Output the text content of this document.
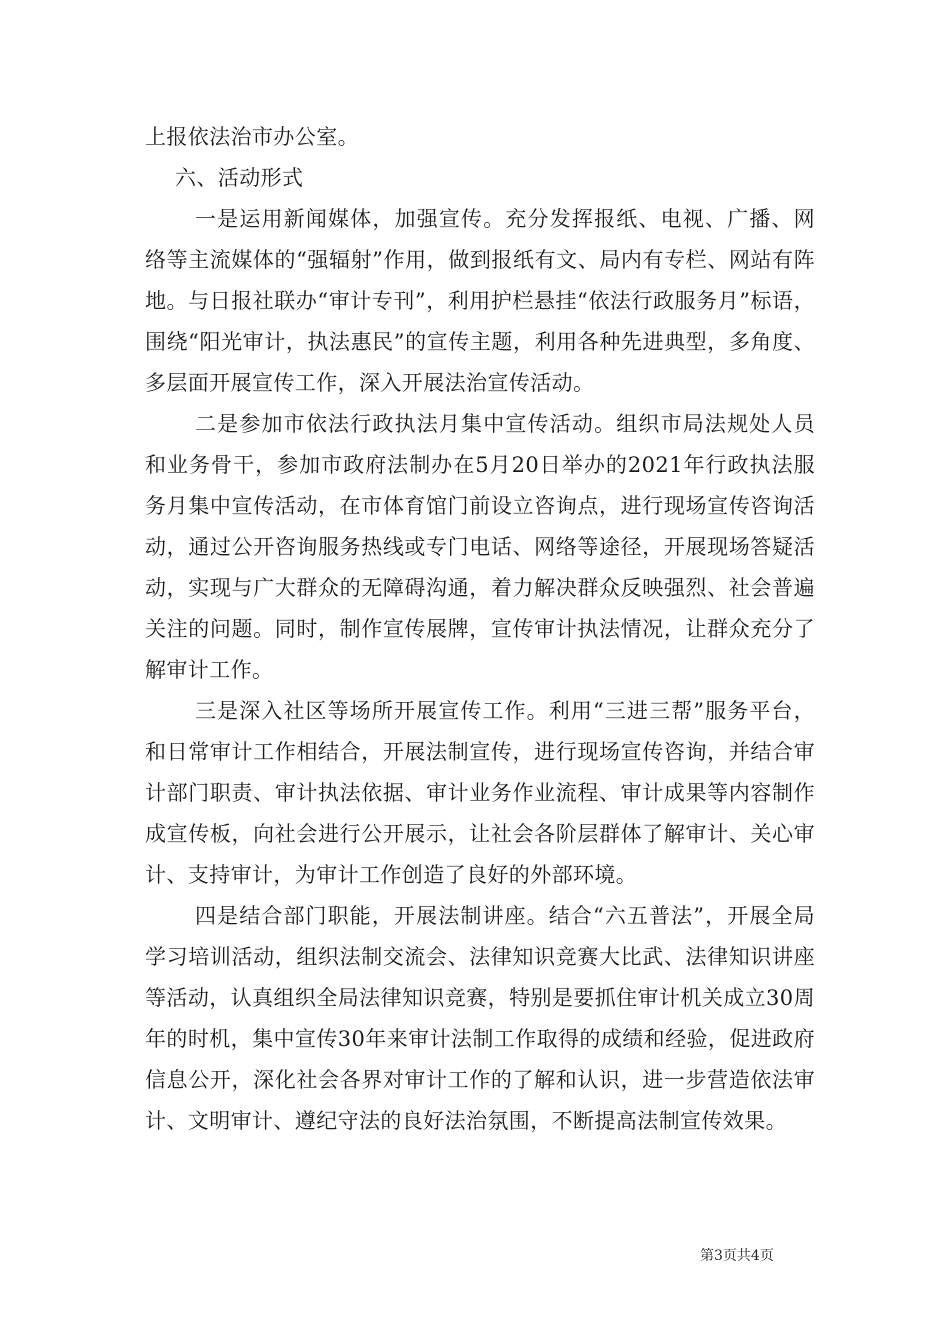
上报依法治市办公室。

六、活动形式

一是运用新闻媒体，加强宣传。充分发挥报纸、电视、广播、网络等主流媒体的“强辐射”作用，做到报纸有文、局内有专栏、网站有阵地。与日报社联办“审计专刊”，利用护栏悬挂“依法行政服务月”标语，围绕“阳光审计，执法惠民”的宣传主题，利用各种先进典型，多角度、多层面开展宣传工作，深入开展法治宣传活动。

二是参加市依法行政执法月集中宣传活动。组织市局法规处人员和业务骨干，参加市政府法制办在5月20日举办的2021年行政执法服务月集中宣传活动，在市体育馆门前设立咨询点，进行现场宣传咨询活动，通过公开咨询服务热线或专门电话、网络等途径，开展现场答疑活动，实现与广大群众的无障碍沟通，着力解决群众反映强烈、社会普遍关注的问题。同时，制作宣传展牌，宣传审计执法情况，让群众充分了解审计工作。

三是深入社区等场所开展宣传工作。利用“三进三帮”服务平台，和日常审计工作相结合，开展法制宣传，进行现场宣传咨询，并结合审计部门职责、审计执法依据、审计业务作业流程、审计成果等内容制作成宣传板，向社会进行公开展示，让社会各阶层群体了解审计、关心审计、支持审计，为审计工作创造了良好的外部环境。

四是结合部门职能，开展法制讲座。结合“六五普法”，开展全局学习培训活动，组织法制交流会、法律知识竞赛大比武、法律知识讲座等活动，认真组织全局法律知识竞赛，特别是要抓住审计机关成立30周年的时机，集中宣传30年来审计法制工作取得的成绩和经验，促进政府信息公开，深化社会各界对审计工作的了解和认识，进一步营造依法审计、文明审计、遵纪守法的良好法治氛围，不断提高法制宣传效果。

第3页共4页
